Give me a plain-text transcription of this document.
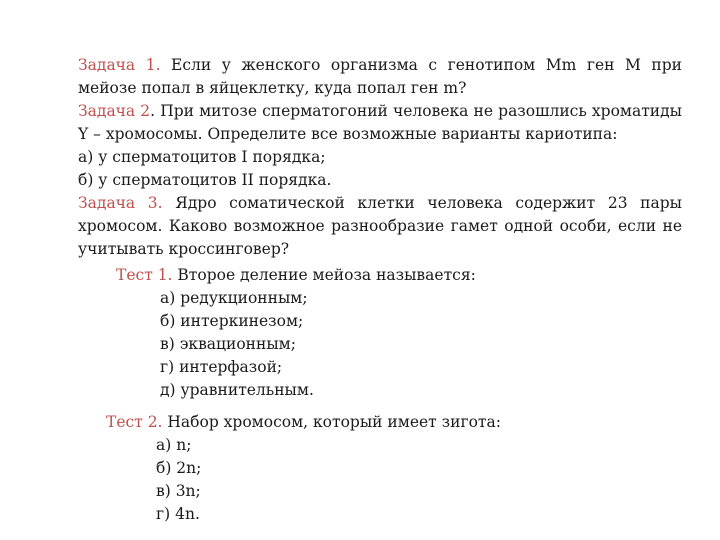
Задача 1. Если у женского организма с генотипом Mm ген M при мейозе попал в яйцеклетку, куда попал ген m?

Задача 2. При митозе сперматогоний человека не разошлись хроматиды Y – хромосомы. Определите все возможные варианты кариотипа:

а) у сперматоцитов I порядка;

б) у сперматоцитов II порядка.

Задача 3. Ядро соматической клетки человека содержит 23 пары хромосом. Каково возможное разнообразие гамет одной особи, если не учитывать кроссинговер?

Тест 1. Второе деление мейоза называется:

а) редукционным;

б) интеркинезом;

в) эквационным;

г) интерфазой;

д) уравнительным.

Тест 2. Набор хромосом, который имеет зигота:

а) n;

б) 2n;

в) 3n;

г) 4n.
